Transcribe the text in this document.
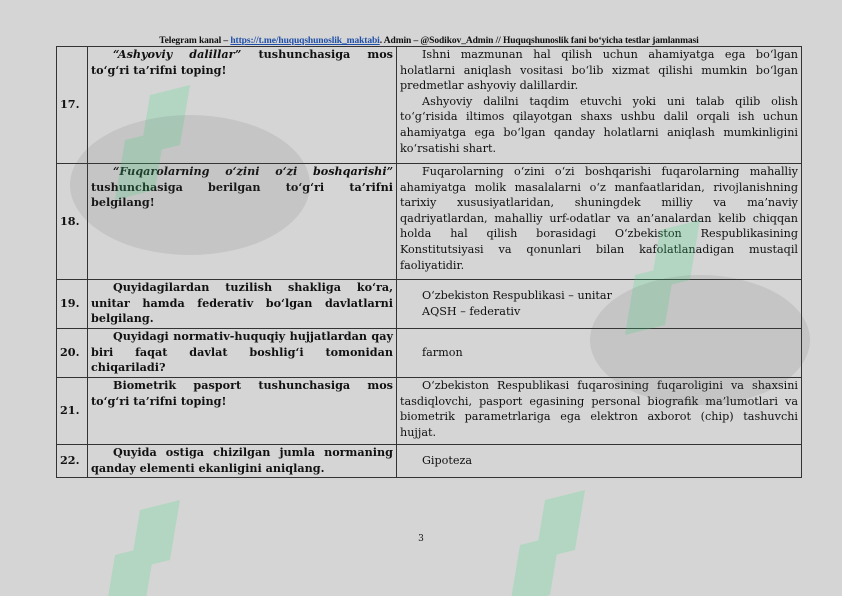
Telegram kanal – https://t.me/huquqshunoslik_maktabi. Admin – @Sodikov_Admin // Huquqshunoslik fani bo‘yicha testlar jamlanmasi
17.	“Ashyoviy dalillar” tushunchasiga mos to‘g‘ri ta’rifni toping!	Ishni mazmunan hal qilish uchun ahamiyatga ega bo‘lgan holatlarni aniqlash vositasi bo‘lib xizmat qilishi mumkin bo‘lgan predmetlar ashyoviy dalillardir.
Ashyoviy dalilni taqdim etuvchi yoki uni talab qilib olish to‘g‘risida iltimos qilayotgan shaxs ushbu dalil orqali ish uchun ahamiyatga ega bo‘lgan qanday holatlarni aniqlash mumkinligini ko‘rsatishi shart.

18.	“Fuqarolarning o‘zini o‘zi boshqarishi” tushunchasiga berilgan to‘g‘ri ta’rifni belgilang!	Fuqarolarning o‘zini o‘zi boshqarishi fuqarolarning mahalliy ahamiyatga molik masalalarni o‘z manfaatlaridan, rivojlanishning tarixiy xususiyatlaridan, shuningdek milliy va ma’naviy qadriyatlardan, mahalliy urf-odatlar va an’analardan kelib chiqqan holda hal qilish borasidagi O‘zbekiston Respublikasining Konstitutsiyasi va qonunlari bilan kafolatlanadigan mustaqil faoliyatidir.

19.	Quyidagilardan tuzilish shakliga ko‘ra, unitar hamda federativ bo‘lgan davlatlarni belgilang.	O‘zbekiston Respublikasi – unitar
AQSH – federativ

20.	Quyidagi normativ-huquqiy hujjatlardan qay biri faqat davlat boshlig‘i tomonidan chiqariladi?	farmon

21.	Biometrik pasport tushunchasiga mos to‘g‘ri ta’rifni toping!	O‘zbekiston Respublikasi fuqarosining fuqaroligini va shaxsini tasdiqlovchi, pasport egasining personal biografik ma’lumotlari va biometrik parametrlariga ega elektron axborot (chip) tashuvchi hujjat.

22.	Quyida ostiga chizilgan jumla normaning qanday elementi ekanligini aniqlang.	Gipoteza
3
